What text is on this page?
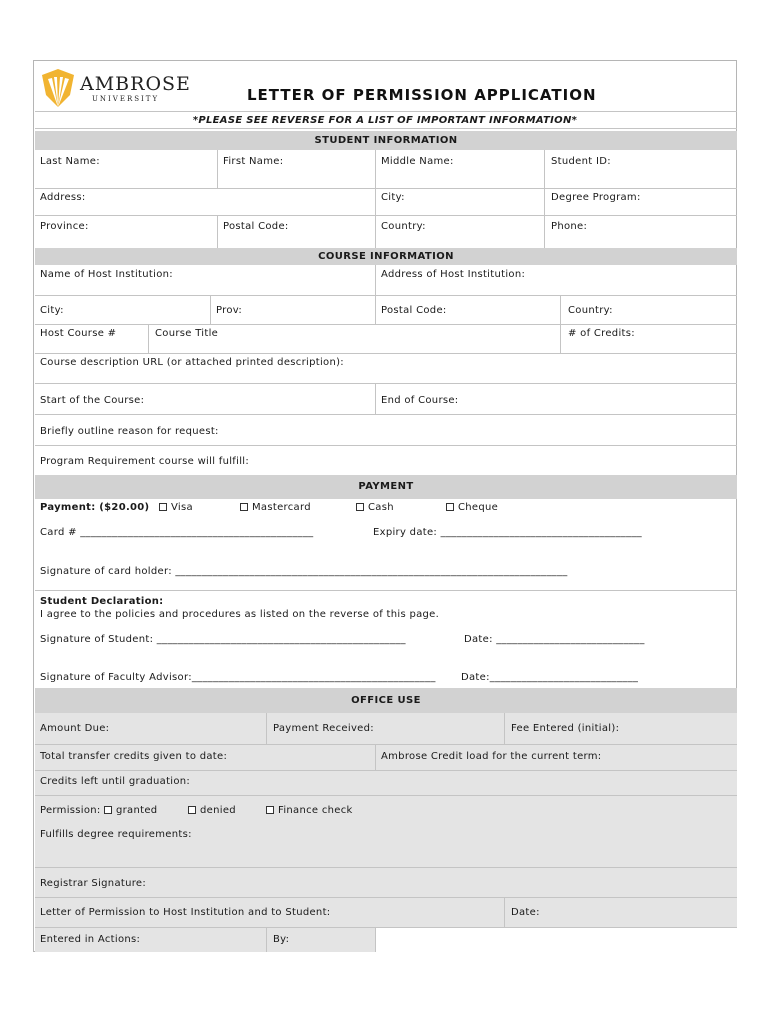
AMBROSE
UNIVERSITY	LETTER OF PERMISSION APPLICATION
*PLEASE SEE REVERSE FOR A LIST OF IMPORTANT INFORMATION*
STUDENT INFORMATION
Last Name:	First Name:	Middle Name:	Student ID:
Address:	City:	Degree Program:
Province:	Postal Code:	Country:	Phone:
COURSE INFORMATION
Name of Host Institution:	Address of Host Institution:
City:	Prov:	Postal Code:	Country:
Host Course #	Course Title	# of Credits:
Course description URL (or attached printed description):
Start of the Course:	End of Course:
Briefly outline reason for request:
Program Requirement course will fulfill:
PAYMENT
Payment: ($20.00)	Visa	Mastercard	Cash	Cheque
Card # ____________________________________________	Expiry date: ______________________________________
Signature of card holder: __________________________________________________________________________
Student Declaration:
I agree to the policies and procedures as listed on the reverse of this page.
Signature of Student: _______________________________________________	Date: ____________________________
Signature of Faculty Advisor:______________________________________________	Date:____________________________
OFFICE USE
Amount Due:	Payment Received:	Fee Entered (initial):
Total transfer credits given to date:	Ambrose Credit load for the current term:
Credits left until graduation:
Permission:	granted	denied	Finance check
Fulfills degree requirements:
Registrar Signature:
Letter of Permission to Host Institution and to Student:	Date:
Entered in Actions:	By:
